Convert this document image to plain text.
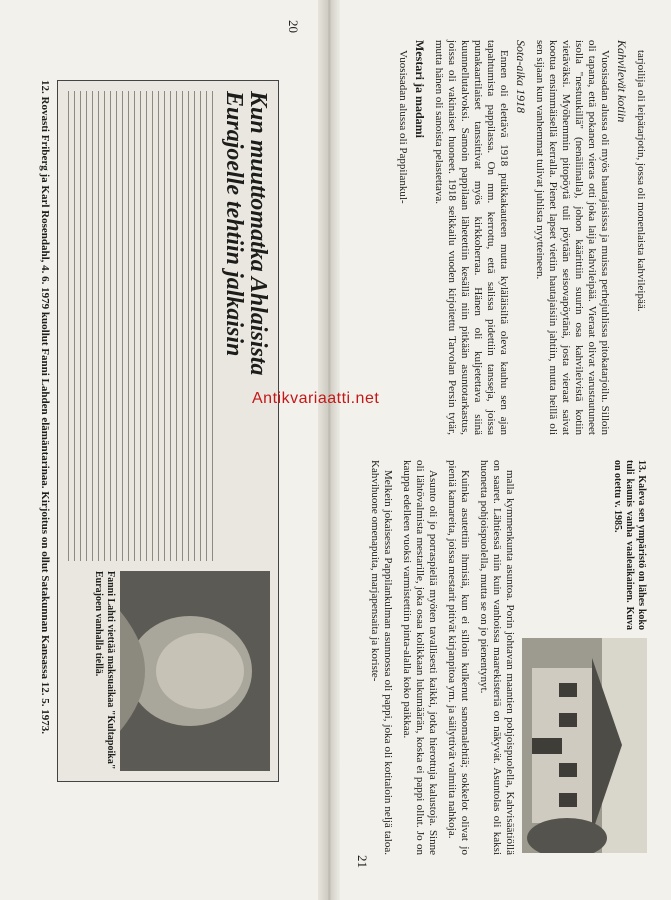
20
Kun muuttomatka Ahlaisista
Eurajoelle tehtiin jalkaisin
Fanni Lahti viettää maksuaikaa "Kultapoika" Eurajoen vanhalla tiellä.
12. Rovasti Friberg ja Karl Rosendahl, 4. 6. 1979 kuollut Fanni Lahden elämäntarinaa. Kirjoitus on ollut Satakunnan Kansassa 12. 5. 1973.	tarjoilija oli leipätarjotin, jossa oli monenlaista kahvileipää.

Kahvilevät kotiin

Vuosisadan alussa oli myös hautajaisissa ja muissa perhejuhlissa pitokatarjoilu. Silloin oli tapana, että pokanen vieras otti joka laija kahvileipää. Vieraat olivat varustautuneet isolla "nestuukillä" (nenäliinalla), johon käärittiin suurin osa kahvileivistä kotiin vietäväksi. Myöhemmin pitopöytä tuli pöytään seisovapöytänä, josta vieraat saivat kootua ensimmäisellä kerralla. Pienet lapset vietiin hautajaisiin jahtiin, mutta heillä oli sen sijaan kun vanhemmat tulivat juhlista nyytteineen.

Sota-aika 1918

Ennen oli elettävä 1918 puikkakauteen mutta kyläläisiltä oleva kauhu sen ajan tapahtumista pappilassa. On mm. kerrottu, että salissa pidettiin tansseja, joissa punakaartilaiset tanssittivat myös kirkkoherraa. Hänen oli kuljetettava siinä kuunnellutalvoksi. Samoin pappilaan lähetettiin kesällä niin pitkään asuntotarkastus, joissa oli vakinaiset huoneet. 1918 seikkailu vuoden kirjoitettu Tarvolan Persin tytär, mutta hänen oli sanoista pelastettava.

Mestari ja madami

Vuosisadan alussa oli Pappilankul-

13. Kaleva sen ympäristö on lähes koko tuli kaunis vanha vaaleaikainen. Kuva on otettu v. 1985.

malla kymmenkunta asuntoa. Porin johtavan maantien pohjoispuolella, Kahvisäätiöllä on saaret. Lähtiessä niin kuin vanhoissa maarekisteriä on näkyvät. Asuntolas oli kaksi huonetta pohjoispuolella, mutta se on jo pienentynyt.

Kuinka asutettiin ihmisiä, kun ei silloin kulkenut sanomalehtiä; sokkelot olivat jo pieniä kamareita, joissa mestarit pitivät kirjanpitoa ym. ja säilyttivät valmiita nahkoja.

Asunto oli jo porraspieliä myöten tavallisesti kaikki, jotka hierottuja kalustoja. Sinne oli lähtövalmista mestarille, joka osaa kolikkaan lukumäärän, koska ei pappi ollut. Jo on kauppa edelleen vuoksi varmistettiin pinta-alalla koko paikkaa.

Melkein jokaisessa Pappilankulman asunnossa oli pappi, joka oli kotitaloin neljä taloa. Kahvihuone omenapuita, marjapensaita ja koriste-

21
Antikvariaatti.net
